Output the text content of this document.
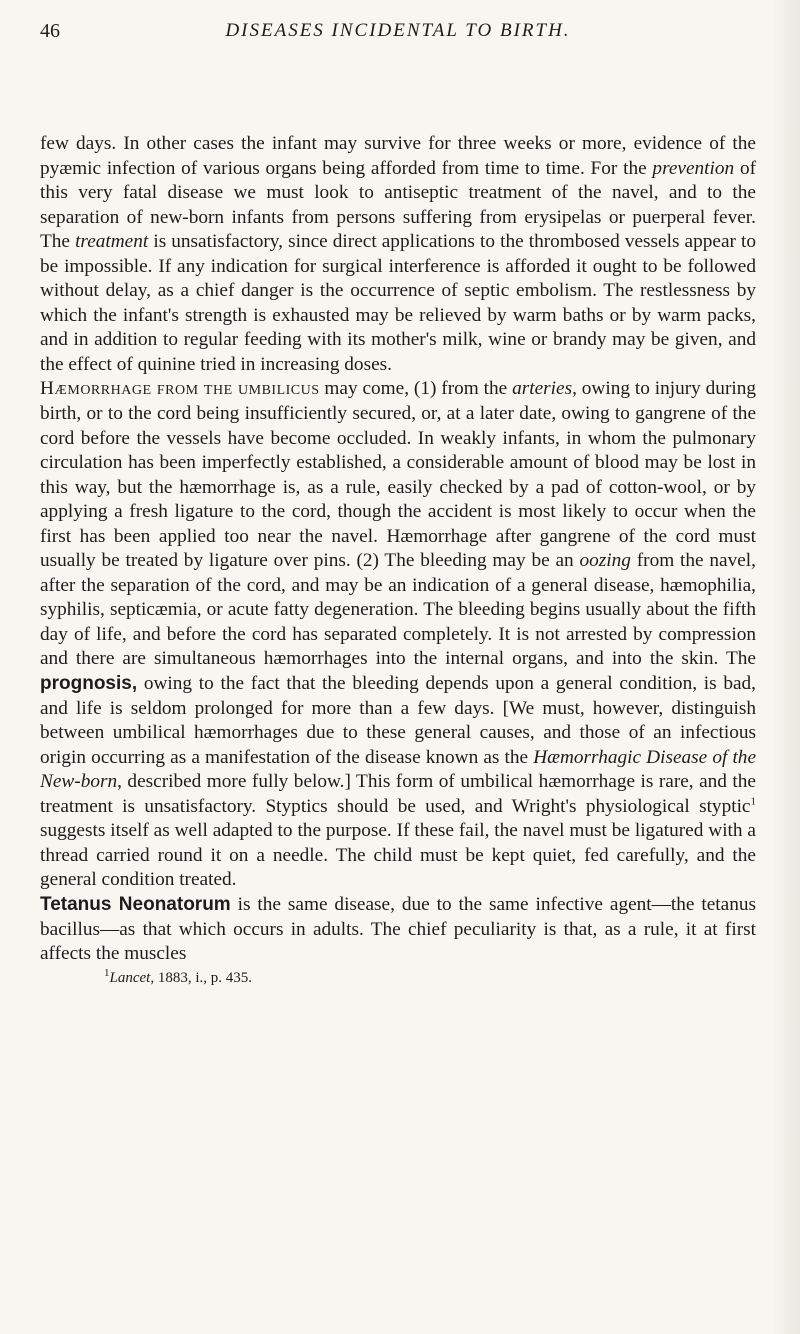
46	DISEASES INCIDENTAL TO BIRTH.

few days. In other cases the infant may survive for three weeks or more, evidence of the pyæmic infection of various organs being afforded from time to time. For the prevention of this very fatal disease we must look to antiseptic treatment of the navel, and to the separation of new-born infants from persons suffering from erysipelas or puerperal fever. The treatment is unsatisfactory, since direct applications to the thrombosed vessels appear to be impossible. If any indication for surgical interference is afforded it ought to be followed without delay, as a chief danger is the occurrence of septic embolism. The restlessness by which the infant's strength is exhausted may be relieved by warm baths or by warm packs, and in addition to regular feeding with its mother's milk, wine or brandy may be given, and the effect of quinine tried in increasing doses.

Hæmorrhage from the umbilicus may come, (1) from the arteries, owing to injury during birth, or to the cord being insufficiently secured, or, at a later date, owing to gangrene of the cord before the vessels have become occluded. In weakly infants, in whom the pulmonary circulation has been imperfectly established, a considerable amount of blood may be lost in this way, but the hæmorrhage is, as a rule, easily checked by a pad of cotton-wool, or by applying a fresh ligature to the cord, though the accident is most likely to occur when the first has been applied too near the navel. Hæmorrhage after gangrene of the cord must usually be treated by ligature over pins. (2) The bleeding may be an oozing from the navel, after the separation of the cord, and may be an indication of a general disease, hæmophilia, syphilis, septicæmia, or acute fatty degeneration. The bleeding begins usually about the fifth day of life, and before the cord has separated completely. It is not arrested by compression and there are simultaneous hæmorrhages into the internal organs, and into the skin. The prognosis, owing to the fact that the bleeding depends upon a general condition, is bad, and life is seldom prolonged for more than a few days. [We must, however, distinguish between umbilical hæmorrhages due to these general causes, and those of an infectious origin occurring as a manifestation of the disease known as the Hæmorrhagic Disease of the New-born, described more fully below.] This form of umbilical hæmorrhage is rare, and the treatment is unsatisfactory. Styptics should be used, and Wright's physiological styptic$^1$ suggests itself as well adapted to the purpose. If these fail, the navel must be ligatured with a thread carried round it on a needle. The child must be kept quiet, fed carefully, and the general condition treated.

Tetanus Neonatorum is the same disease, due to the same infective agent—the tetanus bacillus—as that which occurs in adults. The chief peculiarity is that, as a rule, it at first affects the muscles

$^1$Lancet, 1883, i., p. 435.
